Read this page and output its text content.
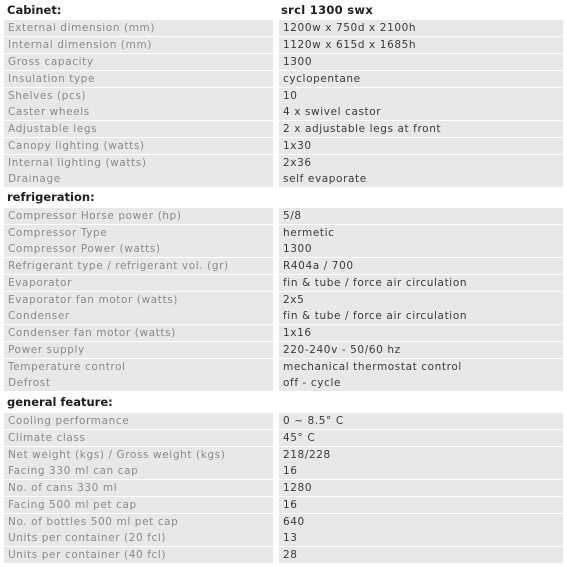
Cabinet:	srcl 1300 swx
External dimension (mm)	1200w x 750d x 2100h
Internal dimension (mm)	1120w x 615d x 1685h
Gross capacity	1300
Insulation type	cyclopentane
Shelves (pcs)	10
Caster wheels	4 x swivel castor
Adjustable legs	2 x adjustable legs at front
Canopy lighting (watts)	1x30
Internal lighting (watts)	2x36
Drainage	self evaporate
refrigeration:
Compressor Horse power (hp)	5/8
Compressor Type	hermetic
Compressor Power (watts)	1300
Refrigerant type / refrigerant vol. (gr)	R404a / 700
Evaporator	fin & tube / force air circulation
Evaporator fan motor (watts)	2x5
Condenser	fin & tube / force air circulation
Condenser fan motor (watts)	1x16
Power supply	220-240v - 50/60 hz
Temperature control	mechanical thermostat control
Defrost	off - cycle
general feature:
Cooling performance	0 ~ 8.5° C
Climate class	45° C
Net weight (kgs) / Gross weight (kgs)	218/228
Facing 330 ml can cap	16
No. of cans 330 ml	1280
Facing 500 ml pet cap	16
No. of bottles 500 ml pet cap	640
Units per container (20 fcl)	13
Units per container (40 fcl)	28
